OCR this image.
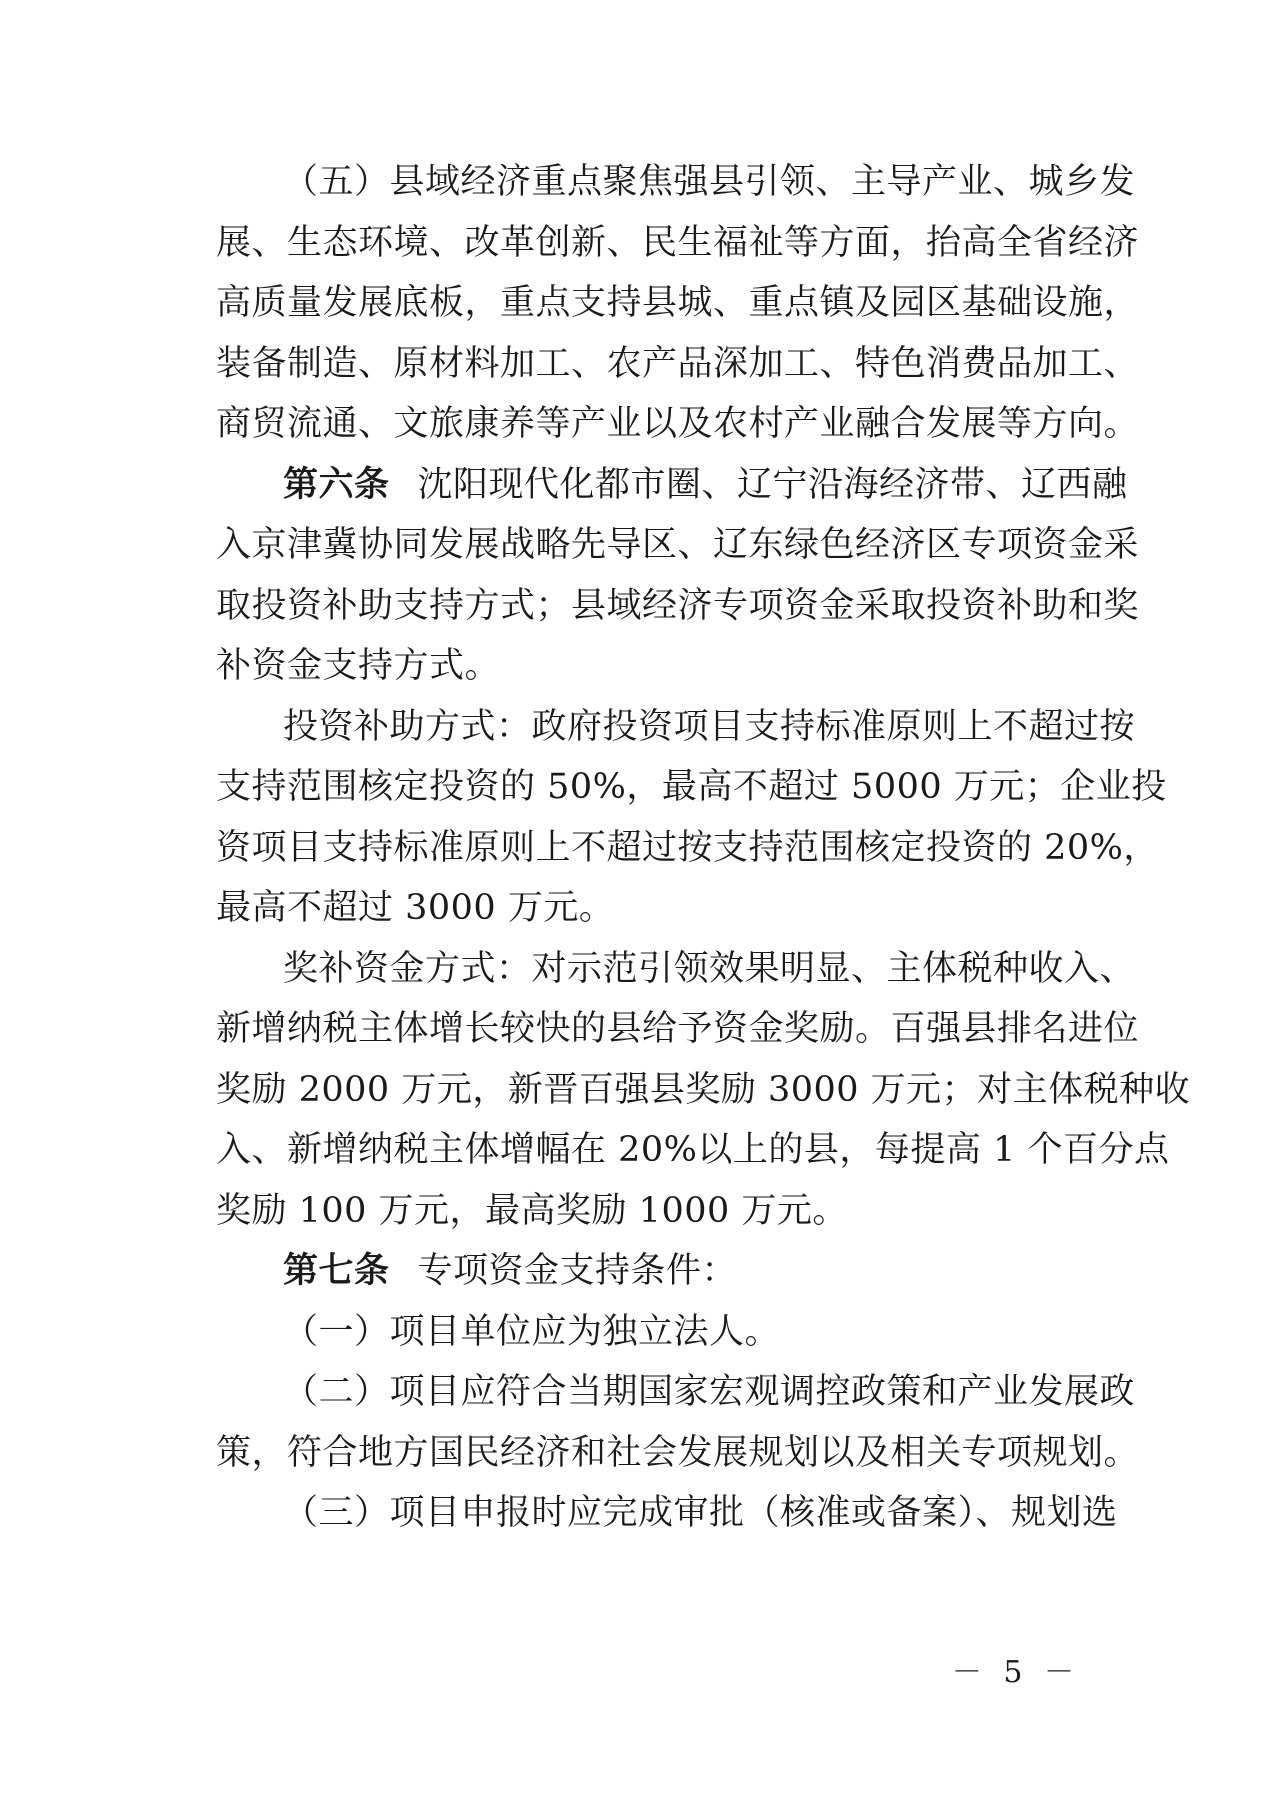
（五）县域经济重点聚焦强县引领、主导产业、城乡发
展、生态环境、改革创新、民生福祉等方面，抬高全省经济
高质量发展底板，重点支持县城、重点镇及园区基础设施，
装备制造、原材料加工、农产品深加工、特色消费品加工、
商贸流通、文旅康养等产业以及农村产业融合发展等方向。
第六条 沈阳现代化都市圈、辽宁沿海经济带、辽西融
入京津冀协同发展战略先导区、辽东绿色经济区专项资金采
取投资补助支持方式；县域经济专项资金采取投资补助和奖
补资金支持方式。
投资补助方式：政府投资项目支持标准原则上不超过按
支持范围核定投资的 50%，最高不超过 5000 万元；企业投
资项目支持标准原则上不超过按支持范围核定投资的 20%，
最高不超过 3000 万元。
奖补资金方式：对示范引领效果明显、主体税种收入、
新增纳税主体增长较快的县给予资金奖励。百强县排名进位
奖励 2000 万元，新晋百强县奖励 3000 万元；对主体税种收
入、新增纳税主体增幅在 20%以上的县，每提高 1 个百分点
奖励 100 万元，最高奖励 1000 万元。
第七条 专项资金支持条件：
（一）项目单位应为独立法人。
（二）项目应符合当期国家宏观调控政策和产业发展政
策，符合地方国民经济和社会发展规划以及相关专项规划。
（三）项目申报时应完成审批（核准或备案）、规划选
－ 5 －
